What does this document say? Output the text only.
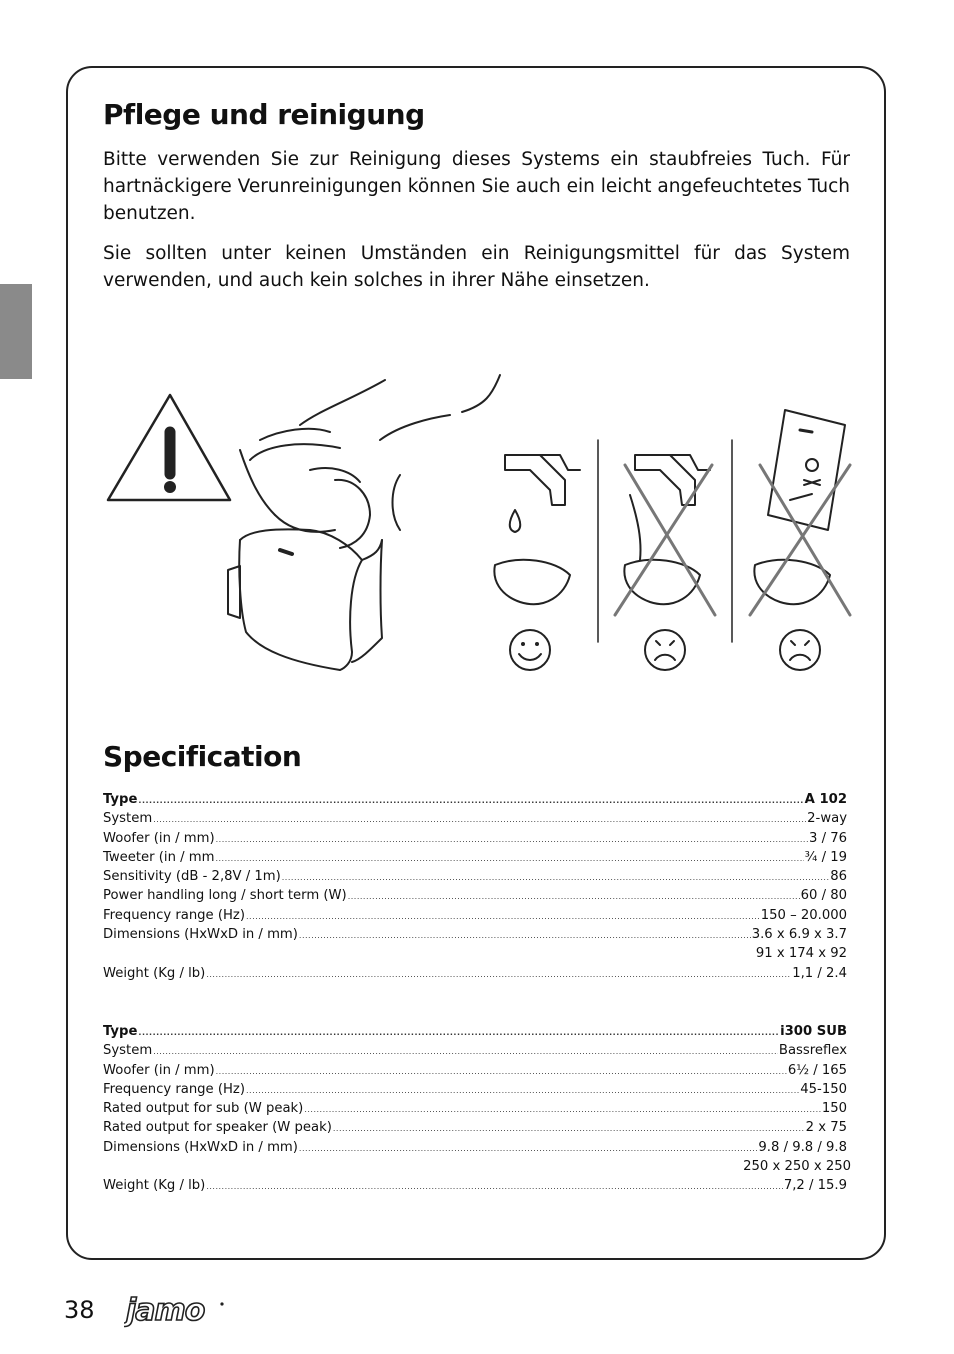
Pflege und reinigung

Bitte verwenden Sie zur Reinigung dieses Systems ein staubfreies Tuch. Für hartnäckigere Verunreinigungen können Sie auch ein leicht angefeuchtetes Tuch benutzen.

Sie sollten unter keinen Umständen ein Reinigungsmittel für das System verwenden, und auch kein solches in ihrer Nähe einsetzen.

Specification
Type .....	A 102
System .....	2-way
Woofer (in / mm) .....	3 / 76
Tweeter (in / mm .....	¾ / 19
Sensitivity (dB - 2,8V / 1m) .....	86
Power handling long / short term (W) .....	60 / 80
Frequency range (Hz) .....	150 – 20.000
Dimensions (HxWxD in / mm) .....	3.6 x 6.9 x 3.7
91 x 174 x 92
Weight (Kg / lb) .....	1,1 / 2.4
Type .....	i300 SUB
System .....	Bassreflex
Woofer (in / mm) .....	6½ / 165
Frequency range (Hz) .....	45-150
Rated output for sub (W peak) .....	150
Rated output for speaker (W peak) .....	2 x 75
Dimensions (HxWxD in / mm) .....	9.8 / 9.8 / 9.8
250 x 250 x 250
Weight (Kg / lb) .....	7,2 / 15.9
38 jamo
